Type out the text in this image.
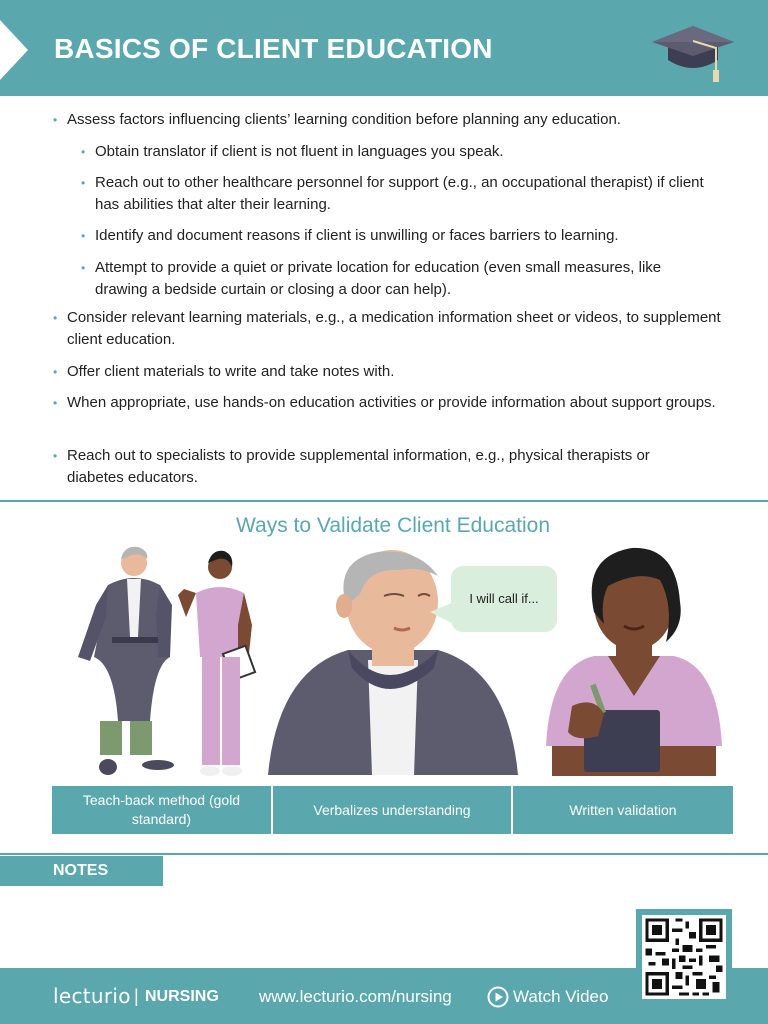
BASICS OF CLIENT EDUCATION
• Assess factors influencing clients’ learning condition before planning any education.
• Obtain translator if client is not fluent in languages you speak.
• Reach out to other healthcare personnel for support (e.g., an occupational therapist) if client has abilities that alter their learning.
• Identify and document reasons if client is unwilling or faces barriers to learning.
• Attempt to provide a quiet or private location for education (even small measures, like drawing a bedside curtain or closing a door can help).
• Consider relevant learning materials, e.g., a medication information sheet or videos, to supplement client education.
• Offer client materials to write and take notes with.
• When appropriate, use hands-on education activities or provide information about support groups.
• Reach out to specialists to provide supplemental information, e.g., physical therapists or diabetes educators.
Ways to Validate Client Education
I will call if...
Teach-back method (gold standard)
Verbalizes understanding	Written validation
NOTES
lecturio | NURSING www.lecturio.com/nursing	Watch Video
